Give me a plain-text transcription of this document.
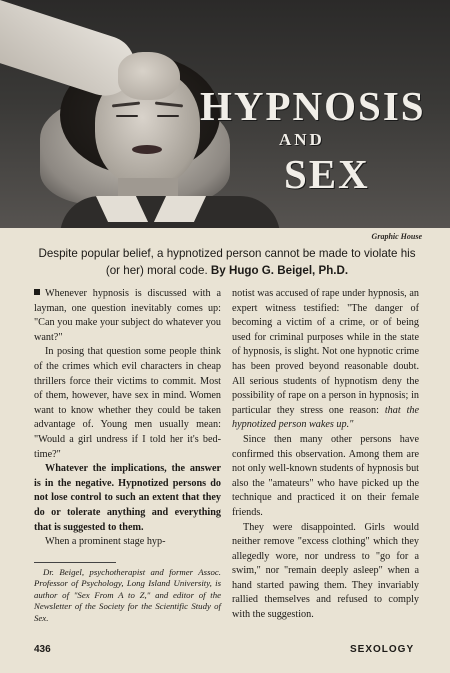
HYPNOSIS
AND
SEX
Graphic House
Despite popular belief, a hypnotized person cannot be made to violate his (or her) moral code. By Hugo G. Beigel, Ph.D.

Whenever hypnosis is discussed with a layman, one question inevitably comes up: "Can you make your subject do whatever you want?"

In posing that question some people think of the crimes which evil characters in cheap thrillers force their victims to commit. Most of them, however, have sex in mind. Women want to know whether they could be taken advantage of. Young men usually mean: "Would a girl undress if I told her it's bed-time?"

Whatever the implications, the answer is in the negative. Hypnotized persons do not lose control to such an extent that they do or tolerate anything and everything that is suggested to them.

When a prominent stage hyp-

Dr. Beigel, psychotherapist and former Assoc. Professor of Psychology, Long Island University, is author of "Sex From A to Z," and editor of the Newsletter of the Society for the Scientific Study of Sex.

notist was accused of rape under hypnosis, an expert witness testified: "The danger of becoming a victim of a crime, or of being used for criminal purposes while in the state of hypnosis, is slight. Not one hypnotic crime has been proved beyond reasonable doubt. All serious students of hypnotism deny the possibility of rape on a person in hypnosis; in particular they stress one reason: that the hypnotized person wakes up."

Since then many other persons have confirmed this observation. Among them are not only well-known students of hypnosis but also the "amateurs" who have picked up the technique and practiced it on their female friends.

They were disappointed. Girls would neither remove "excess clothing" which they allegedly wore, nor undress to "go for a swim," nor "remain deeply asleep" when a hand started pawing them. They invariably rallied themselves and refused to comply with the suggestion.

436	SEXOLOGY
